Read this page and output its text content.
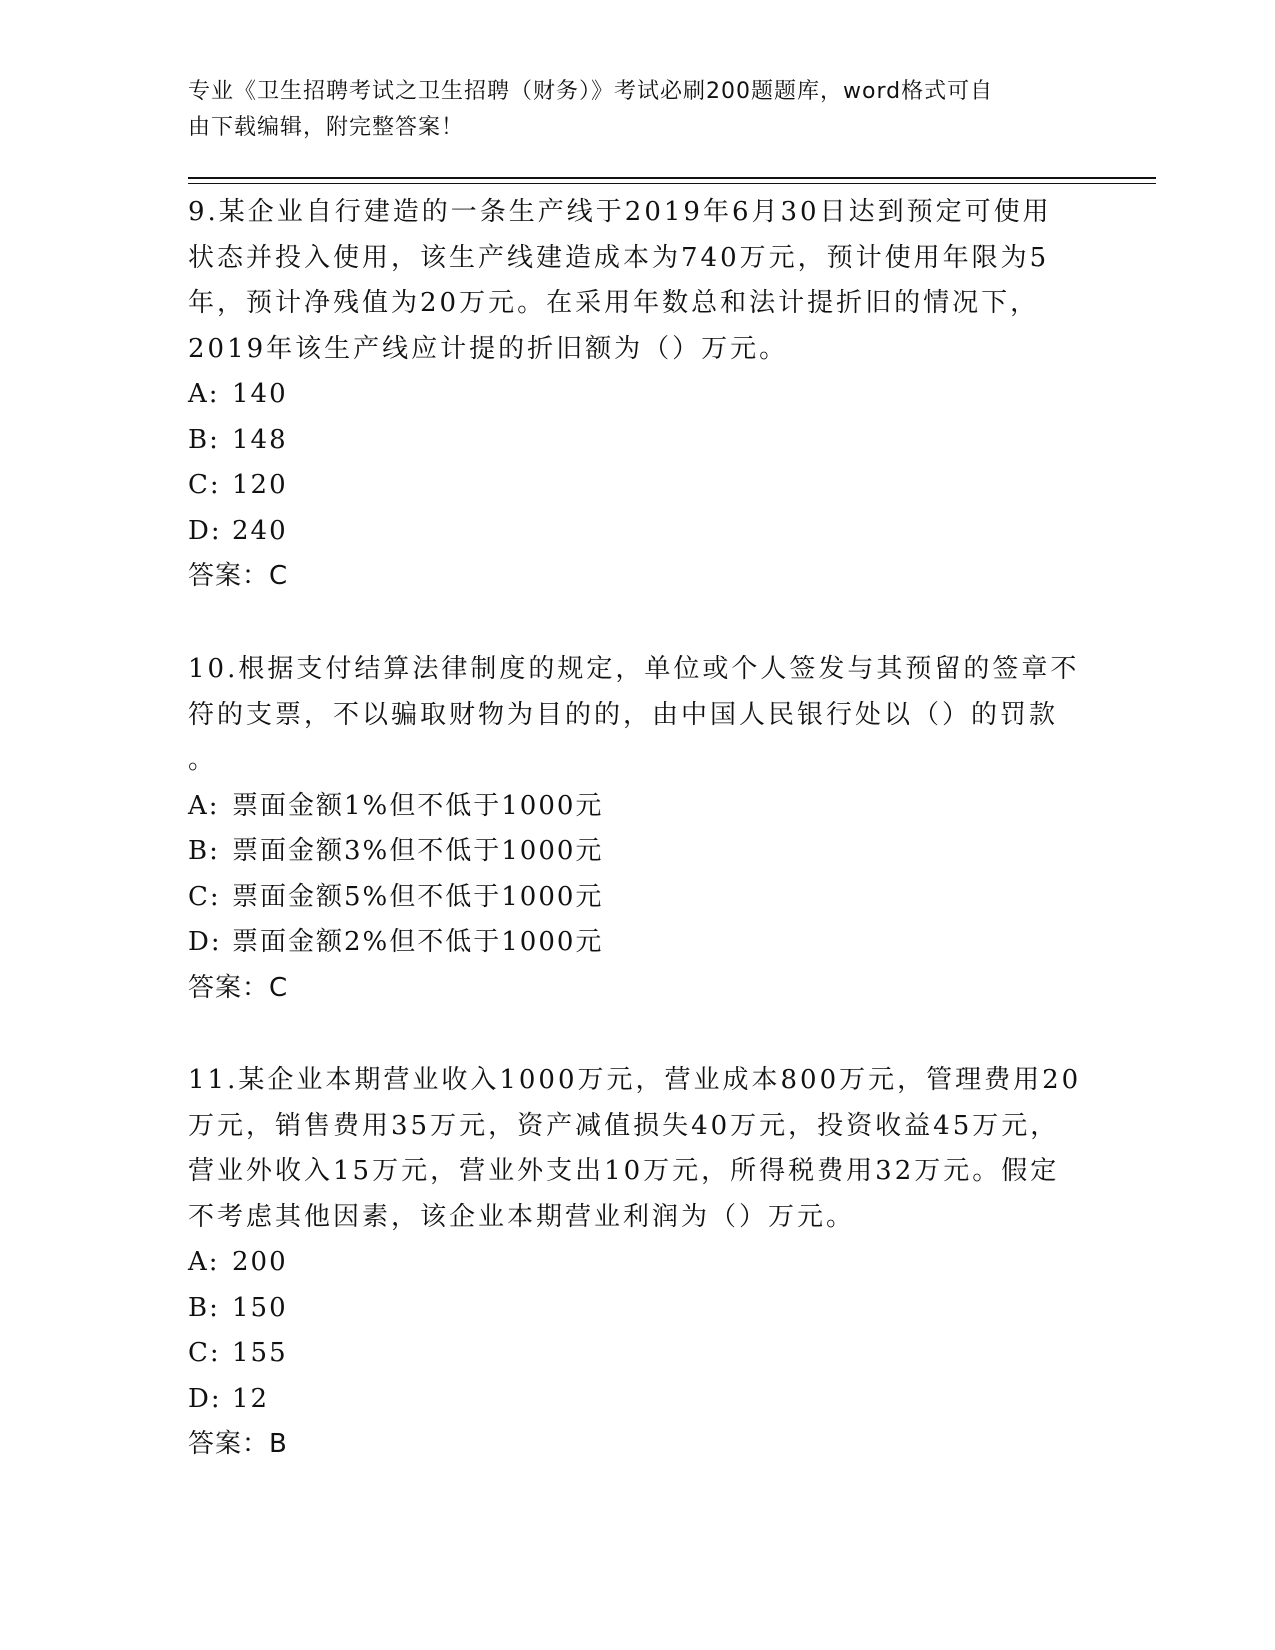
专业《卫生招聘考试之卫生招聘（财务）》考试必刷200题题库，word格式可自
由下载编辑，附完整答案！
9.某企业自行建造的一条生产线于2019年6月30日达到预定可使用
状态并投入使用，该生产线建造成本为740万元，预计使用年限为5
年，预计净残值为20万元。在采用年数总和法计提折旧的情况下，
2019年该生产线应计提的折旧额为（）万元。
A: 140
B: 148
C: 120
D: 240
答案：C
10.根据支付结算法律制度的规定，单位或个人签发与其预留的签章不
符的支票，不以骗取财物为目的的，由中国人民银行处以（）的罚款
。
A: 票面金额1%但不低于1000元
B: 票面金额3%但不低于1000元
C: 票面金额5%但不低于1000元
D: 票面金额2%但不低于1000元
答案：C
11.某企业本期营业收入1000万元，营业成本800万元，管理费用20
万元，销售费用35万元，资产减值损失40万元，投资收益45万元，
营业外收入15万元，营业外支出10万元，所得税费用32万元。假定
不考虑其他因素，该企业本期营业利润为（）万元。
A: 200
B: 150
C: 155
D: 12
答案：B
